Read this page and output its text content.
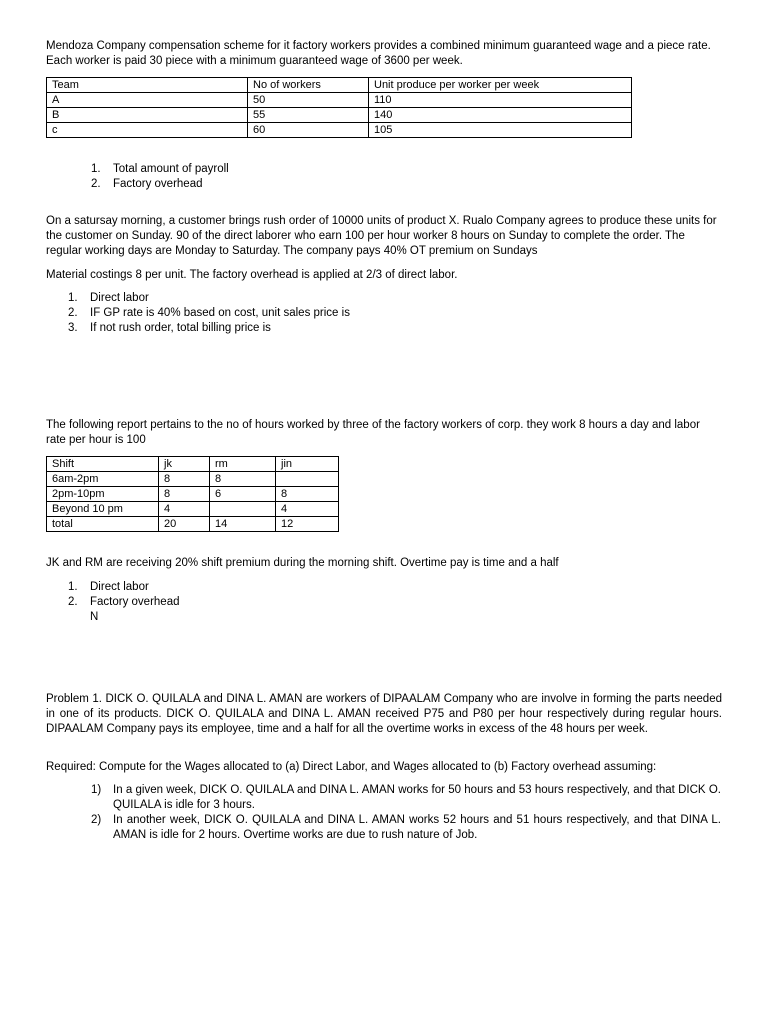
Mendoza Company compensation scheme for it factory workers provides a combined minimum guaranteed wage and a piece rate. Each worker is paid 30 piece with a minimum guaranteed wage of 3600 per week.

Team	No of workers	Unit produce per worker per week
A	50	110
B	55	140
c	60	105
1. Total amount of payroll
2. Factory overhead

On a satursay morning, a customer brings rush order of 10000 units of product X. Rualo Company agrees to produce these units for the customer on Sunday. 90 of the direct laborer who earn 100 per hour worker 8 hours on Sunday to complete the order. The regular working days are Monday to Saturday. The company pays 40% OT premium on Sundays

Material costings 8 per unit. The factory overhead is applied at 2/3 of direct labor.

1. Direct labor
2. IF GP rate is 40% based on cost, unit sales price is
3. If not rush order, total billing price is

The following report pertains to the no of hours worked by three of the factory workers of corp. they work 8 hours a day and labor rate per hour is 100

Shift	jk	rm	jin
6am-2pm	8	8	
2pm-10pm	8	6	8
Beyond 10 pm	4		4
total	20	14	12

JK and RM are receiving 20% shift premium during the morning shift. Overtime pay is time and a half

1. Direct labor
2. Factory overhead
N

Problem 1. DICK O. QUILALA and DINA L. AMAN are workers of DIPAALAM Company who are involve in forming the parts needed in one of its products. DICK O. QUILALA and DINA L. AMAN received P75 and P80 per hour respectively during regular hours. DIPAALAM Company pays its employee, time and a half for all the overtime works in excess of the 48 hours per week.

Required: Compute for the Wages allocated to (a) Direct Labor, and Wages allocated to (b) Factory overhead assuming:

1) In a given week, DICK O. QUILALA and DINA L. AMAN works for 50 hours and 53 hours respectively, and that DICK O. QUILALA is idle for 3 hours.
2) In another week, DICK O. QUILALA and DINA L. AMAN works 52 hours and 51 hours respectively, and that DINA L. AMAN is idle for 2 hours. Overtime works are due to rush nature of Job.
